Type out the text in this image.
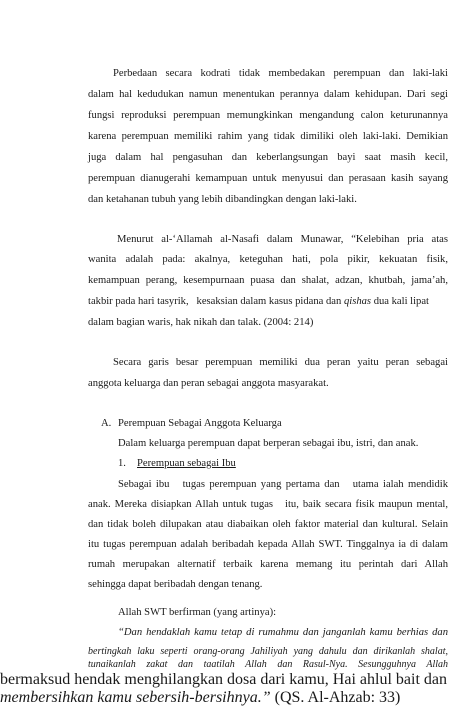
Perbedaan secara kodrati tidak membedakan perempuan dan laki-laki
dalam hal kedudukan namun menentukan perannya dalam kehidupan. Dari segi
fungsi reproduksi perempuan memungkinkan mengandung calon keturunannya
karena perempuan memiliki rahim yang tidak dimiliki oleh laki-laki. Demikian
juga dalam hal pengasuhan dan keberlangsungan bayi saat masih kecil,
perempuan dianugerahi kemampuan untuk menyusui dan perasaan kasih sayang
dan ketahanan tubuh yang lebih dibandingkan dengan laki-laki.
Menurut al-‘Allamah al-Nasafi dalam Munawar, “Kelebihan pria atas
wanita adalah pada: akalnya, keteguhan hati, pola pikir, kekuatan fisik,
kemampuan perang, kesempurnaan puasa dan shalat, adzan, khutbah, jama’ah,
takbir pada hari tasyrik,   kesaksian dalam kasus pidana dan qishas dua kali lipat
dalam bagian waris, hak nikah dan talak. (2004: 214)
Secara garis besar perempuan memiliki dua peran yaitu peran sebagai
anggota keluarga dan peran sebagai anggota masyarakat.
A. Perempuan Sebagai Anggota Keluarga
Dalam keluarga perempuan dapat berperan sebagai ibu, istri, dan anak.
1. Perempuan sebagai Ibu
Sebagai ibu   tugas perempuan yang pertama dan   utama ialah mendidik
anak. Mereka disiapkan Allah untuk tugas   itu, baik secara fisik maupun mental,
dan tidak boleh dilupakan atau diabaikan oleh faktor material dan kultural. Selain
itu tugas perempuan adalah beribadah kepada Allah SWT. Tinggalnya ia di dalam
rumah merupakan alternatif terbaik karena memang itu perintah dari Allah
sehingga dapat beribadah dengan tenang.
Allah SWT berfirman (yang artinya):
“Dan hendaklah kamu tetap di rumahmu dan janganlah kamu berhias dan
bertingkah laku seperti orang-orang Jahiliyah yang dahulu dan dirikanlah shalat,
tunaikanlah zakat dan taatilah Allah dan Rasul-Nya. Sesungguhnya Allah
bermaksud hendak menghilangkan dosa dari kamu, Hai ahlul bait dan
membersihkan kamu sebersih-bersihnya.” (QS. Al-Ahzab: 33)
